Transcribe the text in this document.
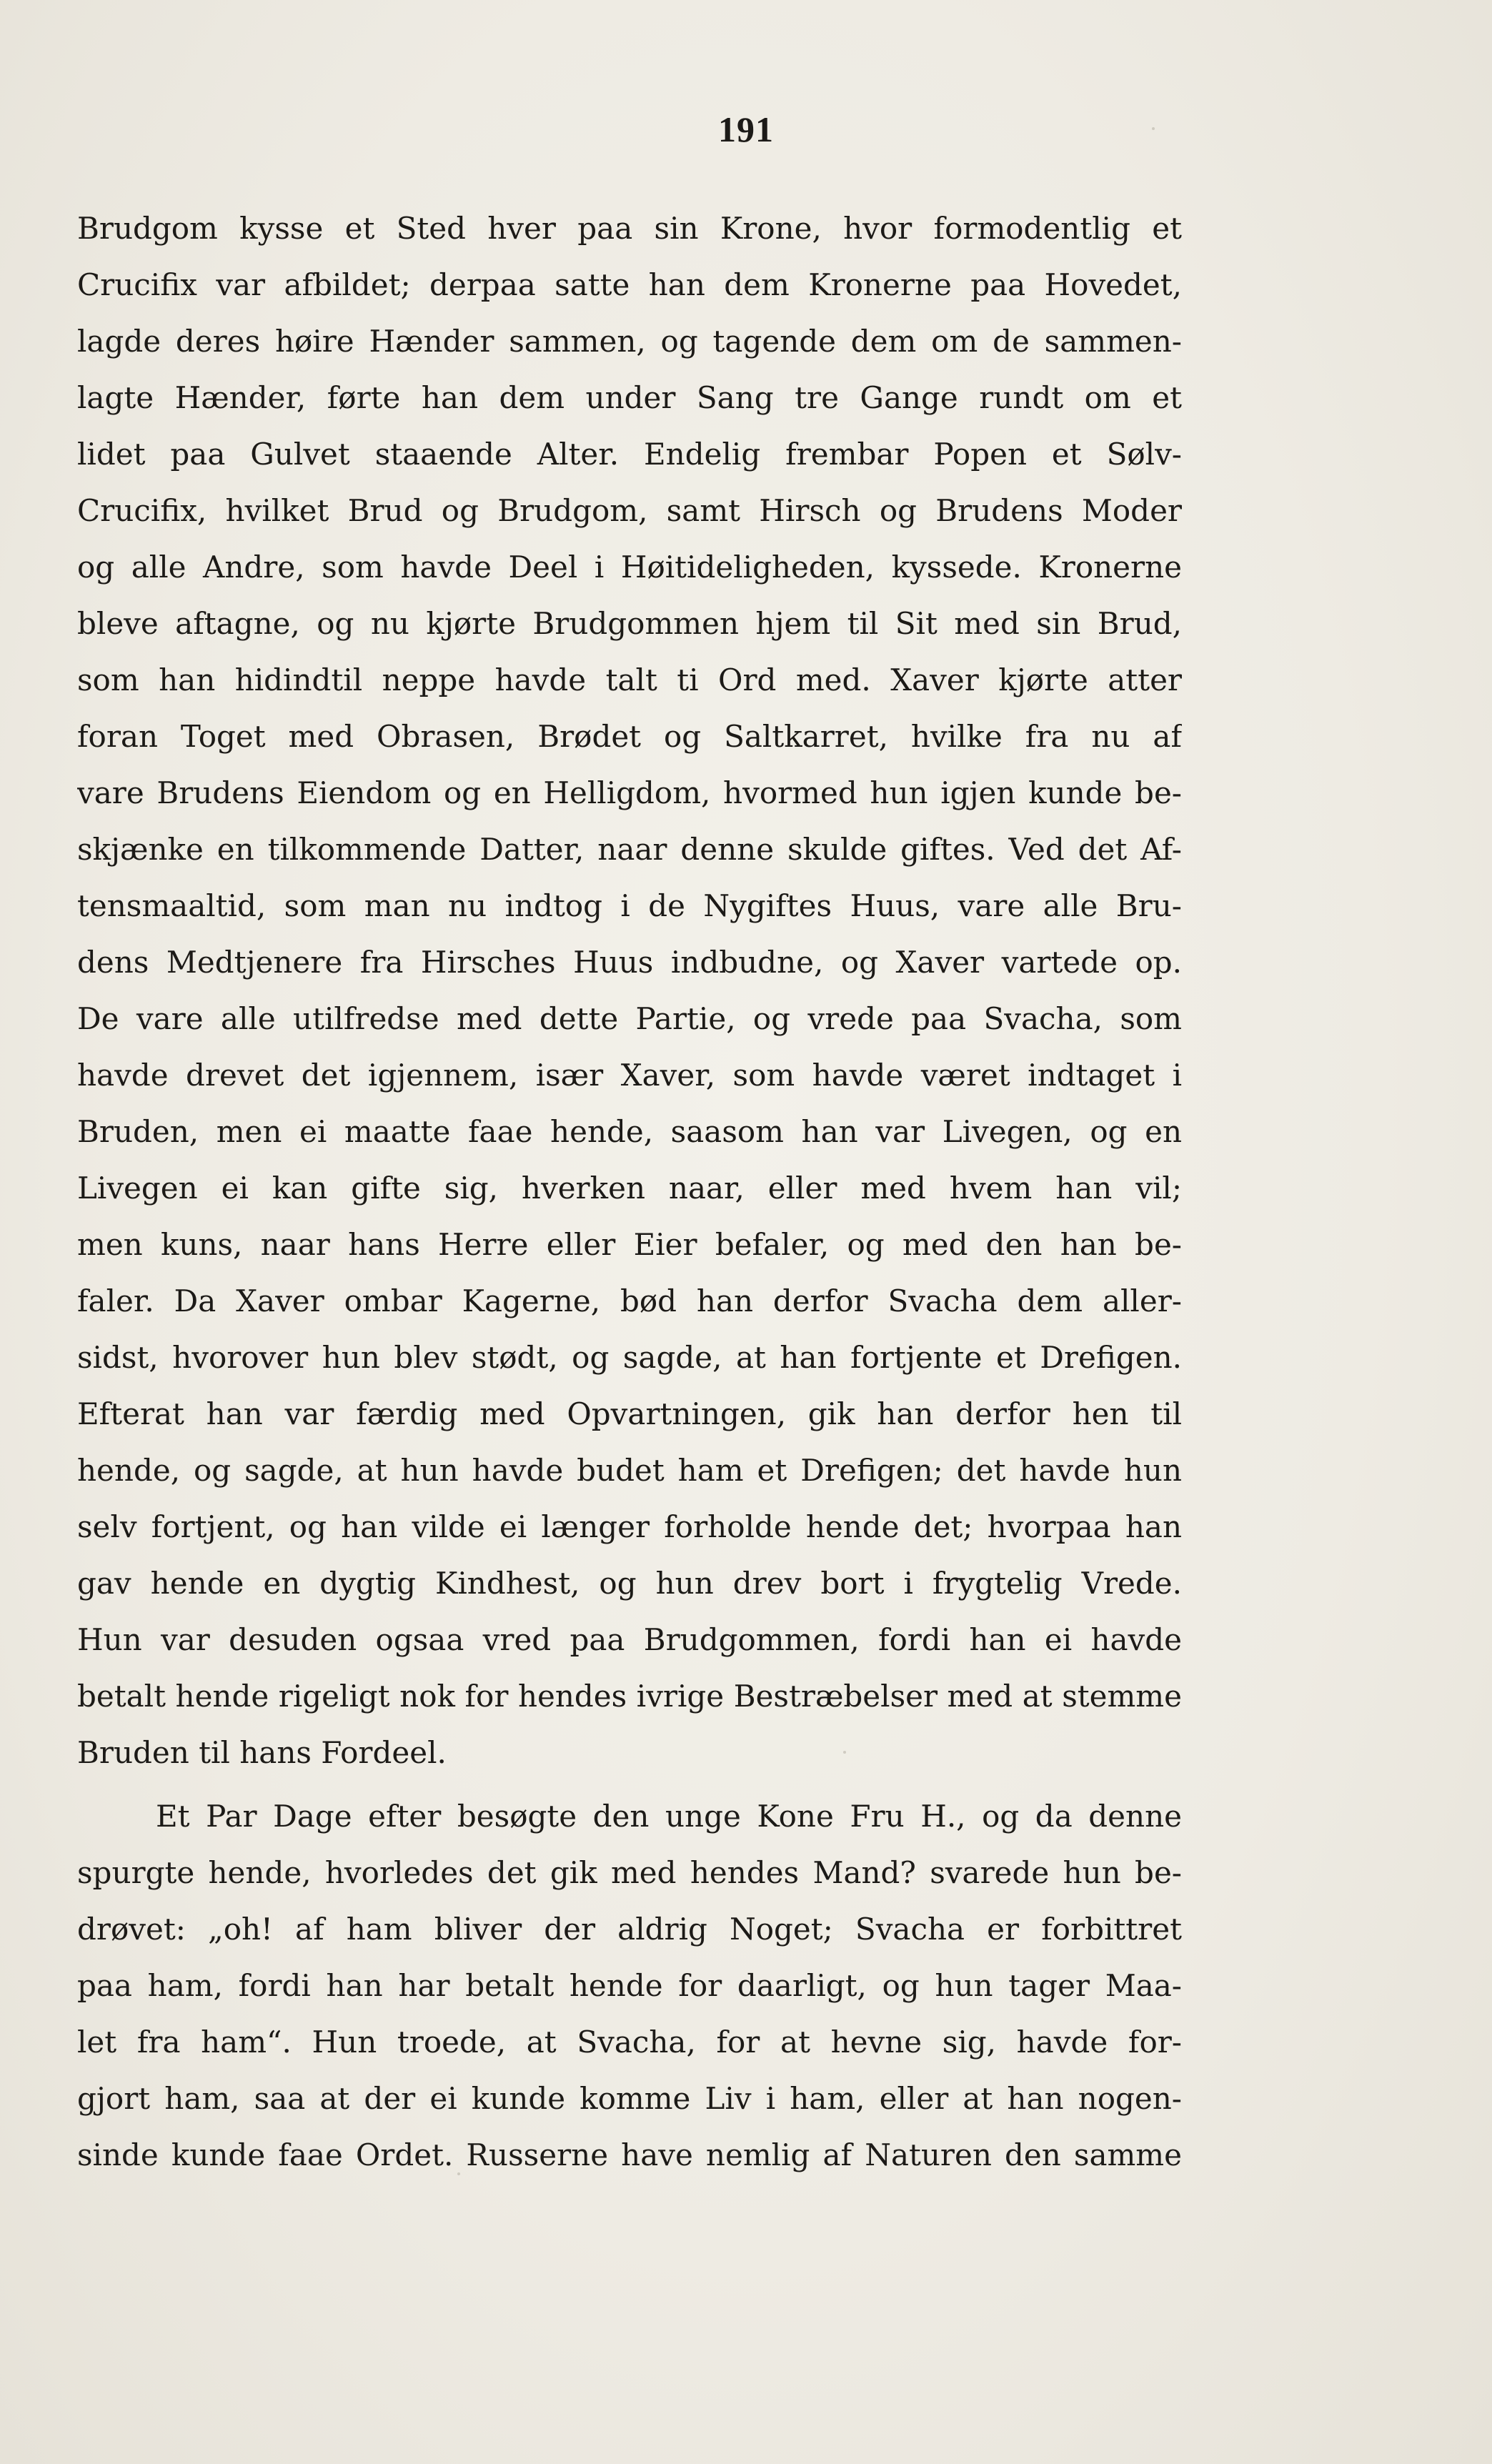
191
Brudgom kysse et Sted hver paa sin Krone, hvor formodentlig et
Crucifix var afbildet; derpaa satte han dem Kronerne paa Hovedet,
lagde deres høire Hænder sammen, og tagende dem om de sammen-
lagte Hænder, førte han dem under Sang tre Gange rundt om et
lidet paa Gulvet staaende Alter. Endelig frembar Popen et Sølv-
Crucifix, hvilket Brud og Brudgom, samt Hirsch og Brudens Moder
og alle Andre, som havde Deel i Høitideligheden, kyssede. Kronerne
bleve aftagne, og nu kjørte Brudgommen hjem til Sit med sin Brud,
som han hidindtil neppe havde talt ti Ord med. Xaver kjørte atter
foran Toget med Obrasen, Brødet og Saltkarret, hvilke fra nu af
vare Brudens Eiendom og en Helligdom, hvormed hun igjen kunde be-
skjænke en tilkommende Datter, naar denne skulde giftes. Ved det Af-
tensmaaltid, som man nu indtog i de Nygiftes Huus, vare alle Bru-
dens Medtjenere fra Hirsches Huus indbudne, og Xaver vartede op.
De vare alle utilfredse med dette Partie, og vrede paa Svacha, som
havde drevet det igjennem, især Xaver, som havde været indtaget i
Bruden, men ei maatte faae hende, saasom han var Livegen, og en
Livegen ei kan gifte sig, hverken naar, eller med hvem han vil;
men kuns, naar hans Herre eller Eier befaler, og med den han be-
faler. Da Xaver ombar Kagerne, bød han derfor Svacha dem aller-
sidst, hvorover hun blev stødt, og sagde, at han fortjente et Drefigen.
Efterat han var færdig med Opvartningen, gik han derfor hen til
hende, og sagde, at hun havde budet ham et Drefigen; det havde hun
selv fortjent, og han vilde ei længer forholde hende det; hvorpaa han
gav hende en dygtig Kindhest, og hun drev bort i frygtelig Vrede.
Hun var desuden ogsaa vred paa Brudgommen, fordi han ei havde
betalt hende rigeligt nok for hendes ivrige Bestræbelser med at stemme
Bruden til hans Fordeel.
Et Par Dage efter besøgte den unge Kone Fru H., og da denne
spurgte hende, hvorledes det gik med hendes Mand? svarede hun be-
drøvet: „oh! af ham bliver der aldrig Noget; Svacha er forbittret
paa ham, fordi han har betalt hende for daarligt, og hun tager Maa-
let fra ham“. Hun troede, at Svacha, for at hevne sig, havde for-
gjort ham, saa at der ei kunde komme Liv i ham, eller at han nogen-
sinde kunde faae Ordet. Russerne have nemlig af Naturen den samme
